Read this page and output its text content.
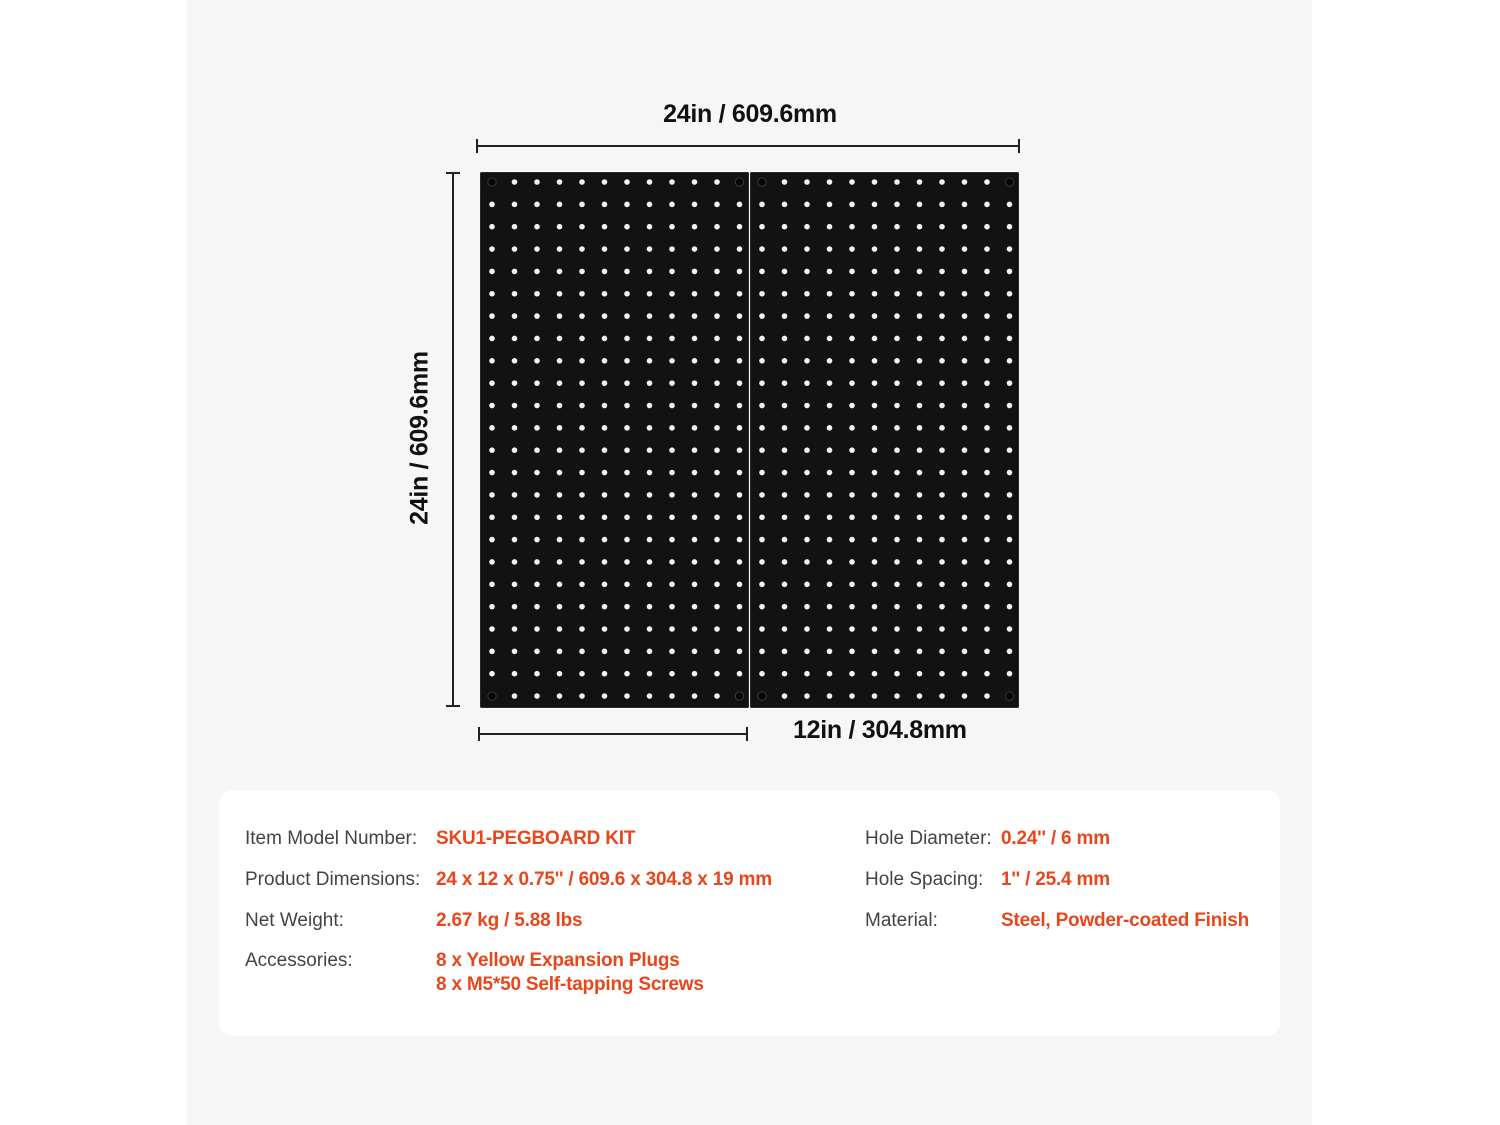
24in / 609.6mm
24in / 609.6mm
12in / 304.8mm
Item Model Number: SKU1-PEGBOARD KIT
Product Dimensions: 24 x 12 x 0.75'' / 609.6 x 304.8 x 19 mm
Net Weight:	2.67 kg / 5.88 lbs
Accessories:	8 x Yellow Expansion Plugs
8 x M5*50 Self-tapping Screws
Hole Diameter: 0.24'' / 6 mm
Hole Spacing: 1'' / 25.4 mm
Material:	Steel, Powder-coated Finish
